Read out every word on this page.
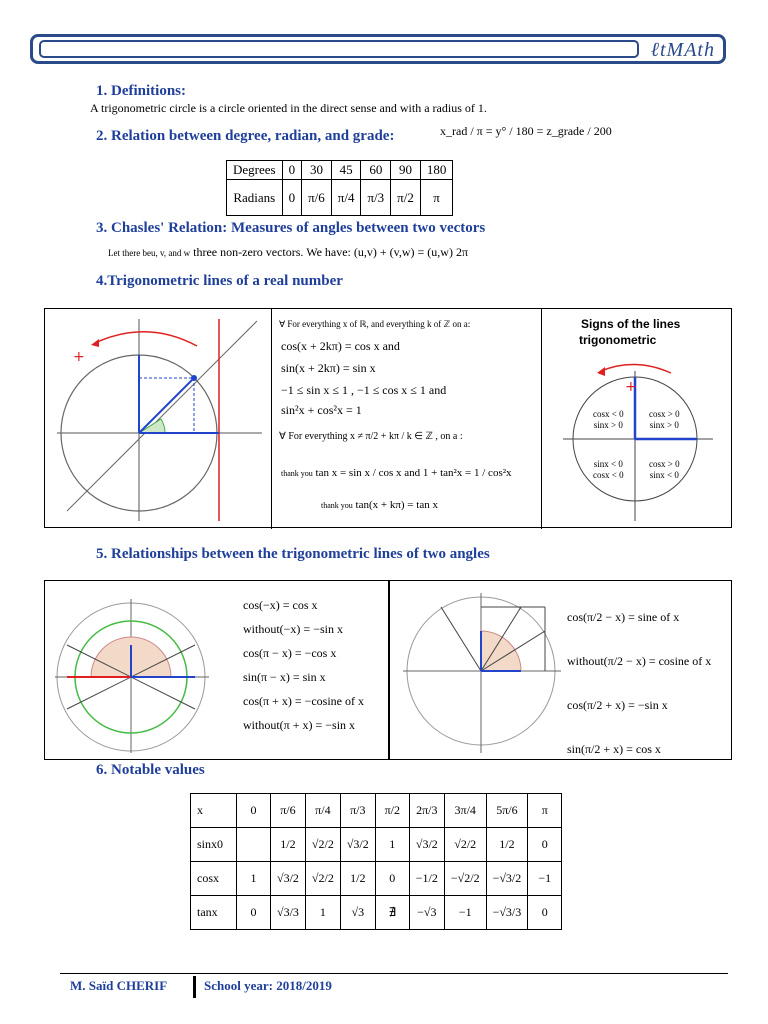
ℓtMAth
1. Definitions:
A trigonometric circle is a circle oriented in the direct sense and with a radius of 1.
2. Relation between degree, radian, and grade:	x_rad / π = y° / 180 = z_grade / 200
Degrees	0	30	45	60	90	180
Radians	0	π/6	π/4	π/3	π/2	π
3. Chasles' Relation: Measures of angles between two vectors
Let there beu, v, and w three non-zero vectors. We have: (u,v) + (v,w) = (u,w) 2π
4.Trigonometric lines of a real number
+
∀ For everything x of ℝ, and everything k of ℤ on a:
cos(x + 2kπ) = cos x and
sin(x + 2kπ) = sin x
−1 ≤ sin x ≤ 1 , −1 ≤ cos x ≤ 1 and
sin²x + cos²x = 1
∀ For everything x ≠ π/2 + kπ / k ∈ ℤ , on a :
thank you tan x = sin x / cos x and 1 + tan²x = 1 / cos²x
thank you tan(x + kπ) = tan x
Signs of the lines
trigonometric
+
cosx < 0
sinx > 0
cosx > 0
sinx > 0
sinx < 0
cosx < 0
cosx > 0
sinx < 0
5. Relationships between the trigonometric lines of two angles
cos(−x) = cos x
without(−x) = −sin x
cos(π − x) = −cos x
sin(π − x) = sin x
cos(π + x) = −cosine of x
without(π + x) = −sin x
cos(π/2 − x) = sine of x
without(π/2 − x) = cosine of x
cos(π/2 + x) = −sin x
sin(π/2 + x) = cos x
6. Notable values
x	0	π/6	π/4	π/3	π/2	2π/3	3π/4	5π/6	π
sinx0		1/2	√2/2	√3/2	1	√3/2	√2/2	1/2	0
cosx	1	√3/2	√2/2	1/2	0	−1/2	−√2/2	−√3/2	−1
tanx	0	√3/3	1	√3	∄	−√3	−1	−√3/3	0
M. Saïd CHERIF	School year: 2018/2019
